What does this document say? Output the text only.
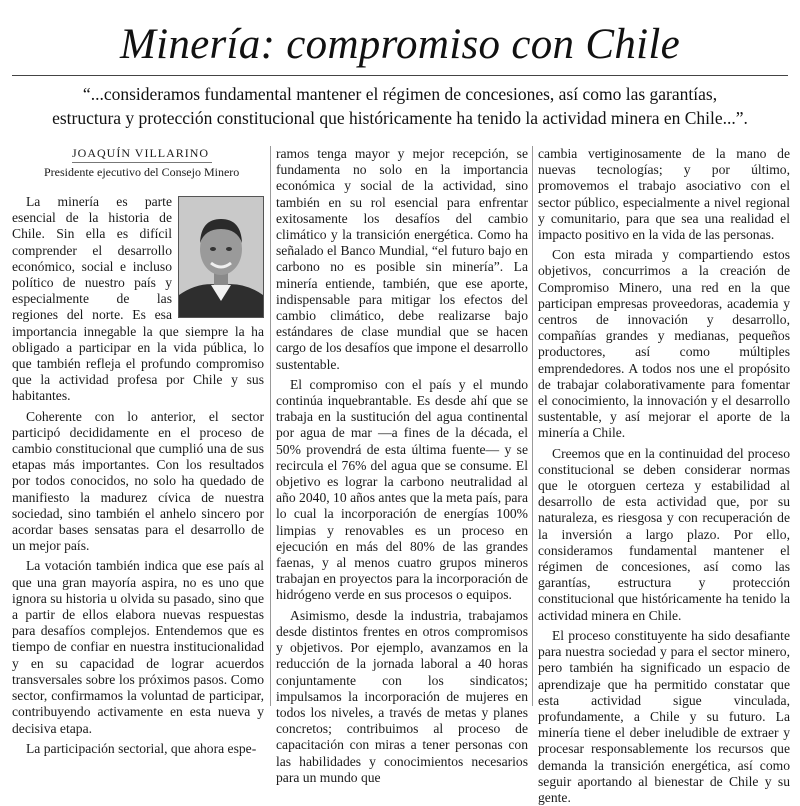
Minería: compromiso con Chile
“...consideramos fundamental mantener el régimen de concesiones, así como las garantías,
estructura y protección constitucional que históricamente ha tenido la actividad minera en Chile...”.
JOAQUÍN VILLARINO
Presidente ejecutivo del Consejo Minero

La minería es parte esencial de la historia de Chile. Sin ella es difícil comprender el desarrollo económico, social e incluso político de nuestro país y especialmente de las regiones del norte. Es esa importancia innegable la que siempre la ha obligado a participar en la vida pública, lo que también refleja el profundo compromiso que la actividad profesa por Chile y sus habitantes.

Coherente con lo anterior, el sector participó decididamente en el proceso de cambio constitucional que cumplió una de sus etapas más importantes. Con los resultados por todos conocidos, no solo ha quedado de manifiesto la madurez cívica de nuestra sociedad, sino también el anhelo sincero por acordar bases sensatas para el desarrollo de un mejor país.

La votación también indica que ese país al que una gran mayoría aspira, no es uno que ignora su historia u olvida su pasado, sino que a partir de ellos elabora nuevas respuestas para desafíos complejos. Entendemos que es tiempo de confiar en nuestra institucionalidad y en su capacidad de lograr acuerdos transversales sobre los próximos pasos. Como sector, confirmamos la voluntad de participar, contribuyendo activamente en esta nueva y decisiva etapa.

La participación sectorial, que ahora espe-

ramos tenga mayor y mejor recepción, se fundamenta no solo en la importancia económica y social de la actividad, sino también en su rol esencial para enfrentar exitosamente los desafíos del cambio climático y la transición energética. Como ha señalado el Banco Mundial, “el futuro bajo en carbono no es posible sin minería”. La minería entiende, también, que ese aporte, indispensable para mitigar los efectos del cambio climático, debe realizarse bajo estándares de clase mundial que se hacen cargo de los desafíos que impone el desarrollo sustentable.

El compromiso con el país y el mundo continúa inquebrantable. Es desde ahí que se trabaja en la sustitución del agua continental por agua de mar —a fines de la década, el 50% provendrá de esta última fuente— y se recircula el 76% del agua que se consume. El objetivo es lograr la carbono neutralidad al año 2040, 10 años antes que la meta país, para lo cual la incorporación de energías 100% limpias y renovables es un proceso en ejecución en más del 80% de las grandes faenas, y al menos cuatro grupos mineros trabajan en proyectos para la incorporación de hidrógeno verde en sus procesos o equipos.

Asimismo, desde la industria, trabajamos desde distintos frentes en otros compromisos y objetivos. Por ejemplo, avanzamos en la reducción de la jornada laboral a 40 horas conjuntamente con los sindicatos; impulsamos la incorporación de mujeres en todos los niveles, a través de metas y planes concretos; contribuimos al proceso de capacitación con miras a tener personas con las habilidades y conocimientos necesarios para un mundo que

cambia vertiginosamente de la mano de nuevas tecnologías; y por último, promovemos el trabajo asociativo con el sector público, especialmente a nivel regional y comunitario, para que sea una realidad el impacto positivo en la vida de las personas.

Con esta mirada y compartiendo estos objetivos, concurrimos a la creación de Compromiso Minero, una red en la que participan empresas proveedoras, academia y centros de innovación y desarrollo, compañías grandes y medianas, pequeños productores, así como múltiples emprendedores. A todos nos une el propósito de trabajar colaborativamente para fomentar el conocimiento, la innovación y el desarrollo sustentable, y así mejorar el aporte de la minería a Chile.

Creemos que en la continuidad del proceso constitucional se deben considerar normas que le otorguen certeza y estabilidad al desarrollo de esta actividad que, por su naturaleza, es riesgosa y con recuperación de la inversión a largo plazo. Por ello, consideramos fundamental mantener el régimen de concesiones, así como las garantías, estructura y protección constitucional que históricamente ha tenido la actividad minera en Chile.

El proceso constituyente ha sido desafiante para nuestra sociedad y para el sector minero, pero también ha significado un espacio de aprendizaje que ha permitido constatar que esta actividad sigue vinculada, profundamente, a Chile y su futuro. La minería tiene el deber ineludible de extraer y procesar responsablemente los recursos que demanda la transición energética, así como seguir aportando al bienestar de Chile y su gente.
